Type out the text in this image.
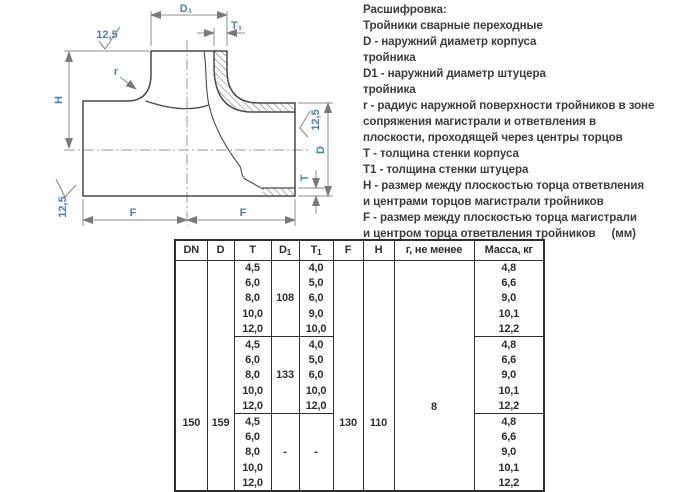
D₁
T₁
12,5
r
H
12,5	F	F
12,5
D
T
Расшифровка:
Тройники сварные переходные
D - наружний диаметр корпуса
тройника
D1 - наружний диаметр штуцера
тройника
r - радиус наружной поверхности тройников в зоне
сопряжения магистрали и ответвления в
плоскости, проходящей через центры торцов
T - толщина стенки корпуса
Т1 - толщина стенки штуцера
H - размер между плоскостью торца ответвления
и центрами торцов магистрали тройников
F - размер между плоскостью торца магистрали
и центром торца ответвления тройников (мм)
DN	D	T	$D_1$	$T_1$	F	H	г, не менее	Масса, кг

150	159	4,5	108	4,0	130	110	8	4,8
		6,0		5,0				6,6
		8,0		6,0				9,0
		10,0		9,0				10,1
		12,0		10,0				12,2
		4,5	133	4,0				4,8
		6,0		5,0				6,6
		8,0		6,0				9,0
		10,0		10,0				10,1
		12,0		12,0				12,2
		4,5	-	-				4,8
		6,0						6,6
		8,0						9,0
		10,0						10,1
		12,0						12,2
